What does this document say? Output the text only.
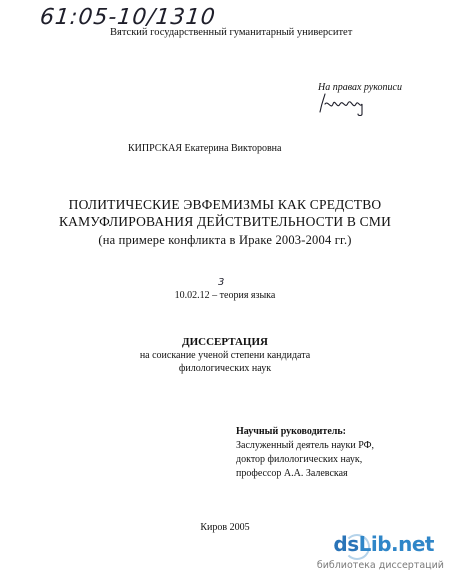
61:05-10/1310
Вятский государственный гуманитарный университет
На правах рукописи
КИПРСКАЯ Екатерина Викторовна
ПОЛИТИЧЕСКИЕ ЭВФЕМИЗМЫ КАК СРЕДСТВО
КАМУФЛИРОВАНИЯ ДЕЙСТВИТЕЛЬНОСТИ В СМИ
(на примере конфликта в Ираке 2003-2004 гг.)
3
10.02.12 – теория языка
ДИССЕРТАЦИЯ
на соискание ученой степени кандидата
филологических наук
Научный руководитель:
Заслуженный деятель науки РФ,
доктор филологических наук,
профессор А.А. Залевская
Киров 2005
dsLib.net
библиотека диссертаций
